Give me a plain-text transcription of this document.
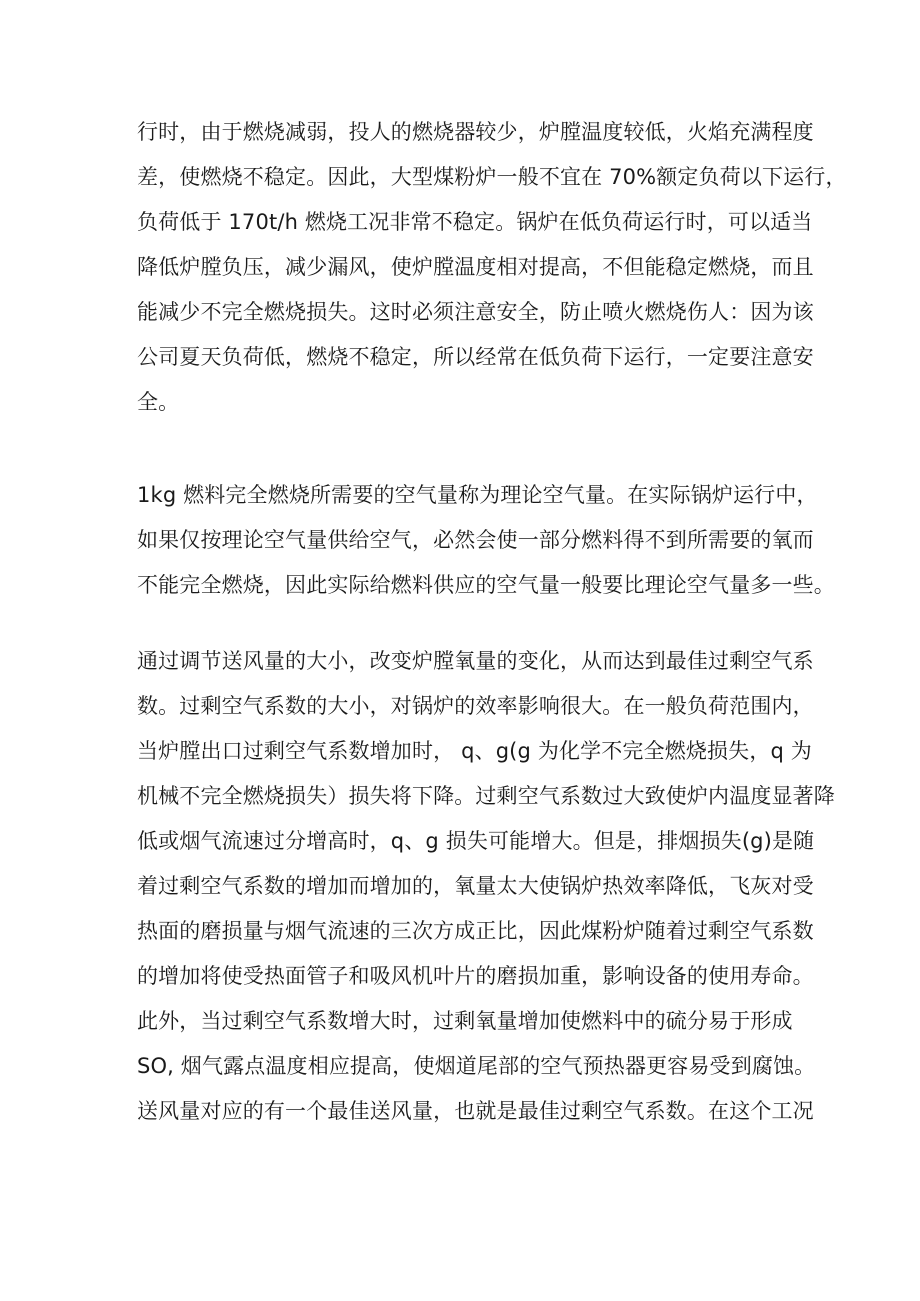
行时，由于燃烧减弱，投人的燃烧器较少，炉膛温度较低，火焰充满程度
差，使燃烧不稳定。因此，大型煤粉炉一般不宜在 70%额定负荷以下运行，
负荷低于 170t/h 燃烧工况非常不稳定。锅炉在低负荷运行时，可以适当
降低炉膛负压，减少漏风，使炉膛温度相对提高，不但能稳定燃烧，而且
能减少不完全燃烧损失。这时必须注意安全，防止喷火燃烧伤人：因为该
公司夏天负荷低，燃烧不稳定，所以经常在低负荷下运行，一定要注意安
全。
1kg 燃料完全燃烧所需要的空气量称为理论空气量。在实际锅炉运行中，
如果仅按理论空气量供给空气，必然会使一部分燃料得不到所需要的氧而
不能完全燃烧，因此实际给燃料供应的空气量一般要比理论空气量多一些。
通过调节送风量的大小，改变炉膛氧量的变化，从而达到最佳过剩空气系
数。过剩空气系数的大小，对锅炉的效率影响很大。在一般负荷范围内，
当炉膛出口过剩空气系数增加时， q、g(g 为化学不完全燃烧损失，q 为
机械不完全燃烧损失）损失将下降。过剩空气系数过大致使炉内温度显著降
低或烟气流速过分增高时，q、g 损失可能增大。但是，排烟损失(g)是随
着过剩空气系数的增加而增加的，氧量太大使锅炉热效率降低，飞灰对受
热面的磨损量与烟气流速的三次方成正比，因此煤粉炉随着过剩空气系数
的增加将使受热面管子和吸风机叶片的磨损加重，影响设备的使用寿命。
此外，当过剩空气系数增大时，过剩氧量增加使燃料中的硫分易于形成
SO, 烟气露点温度相应提高，使烟道尾部的空气预热器更容易受到腐蚀。
送风量对应的有一个最佳送风量，也就是最佳过剩空气系数。在这个工况
